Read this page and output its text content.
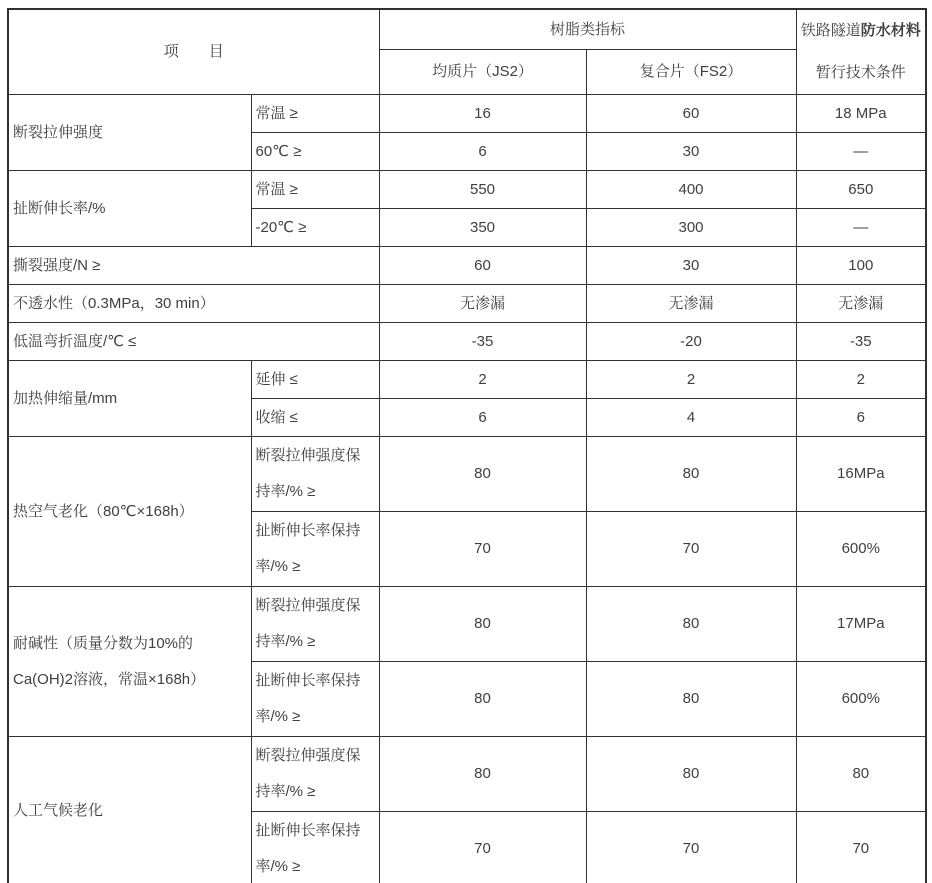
项　　目		树脂类指标		铁路隧道防水材料
暂行技术条件

		均质片（JS2）	复合片（FS2）	
断裂拉伸强度	常温 ≥	16	60	18 MPa
	60℃ ≥	6	30	—
扯断伸长率/%	常温 ≥	550	400	650
	-20℃ ≥	350	300	—
撕裂强度/N ≥		60	30	100
不透水性（0.3MPa，30 min）		无渗漏	无渗漏	无渗漏
低温弯折温度/℃ ≤		-35	-20	-35
加热伸缩量/mm	延伸 ≤	2	2	2
	收缩 ≤	6	4	6
热空气老化（80℃×168h）	断裂拉伸强度保持率/% ≥	80	80	16MPa
	扯断伸长率保持率/% ≥	70	70	600%
耐碱性（质量分数为10%的Ca(OH)2溶液，常温×168h）	断裂拉伸强度保持率/% ≥	80	80	17MPa
	扯断伸长率保持率/% ≥	80	80	600%
人工气候老化	断裂拉伸强度保持率/% ≥	80	80	80
	扯断伸长率保持率/% ≥	70	70	70
